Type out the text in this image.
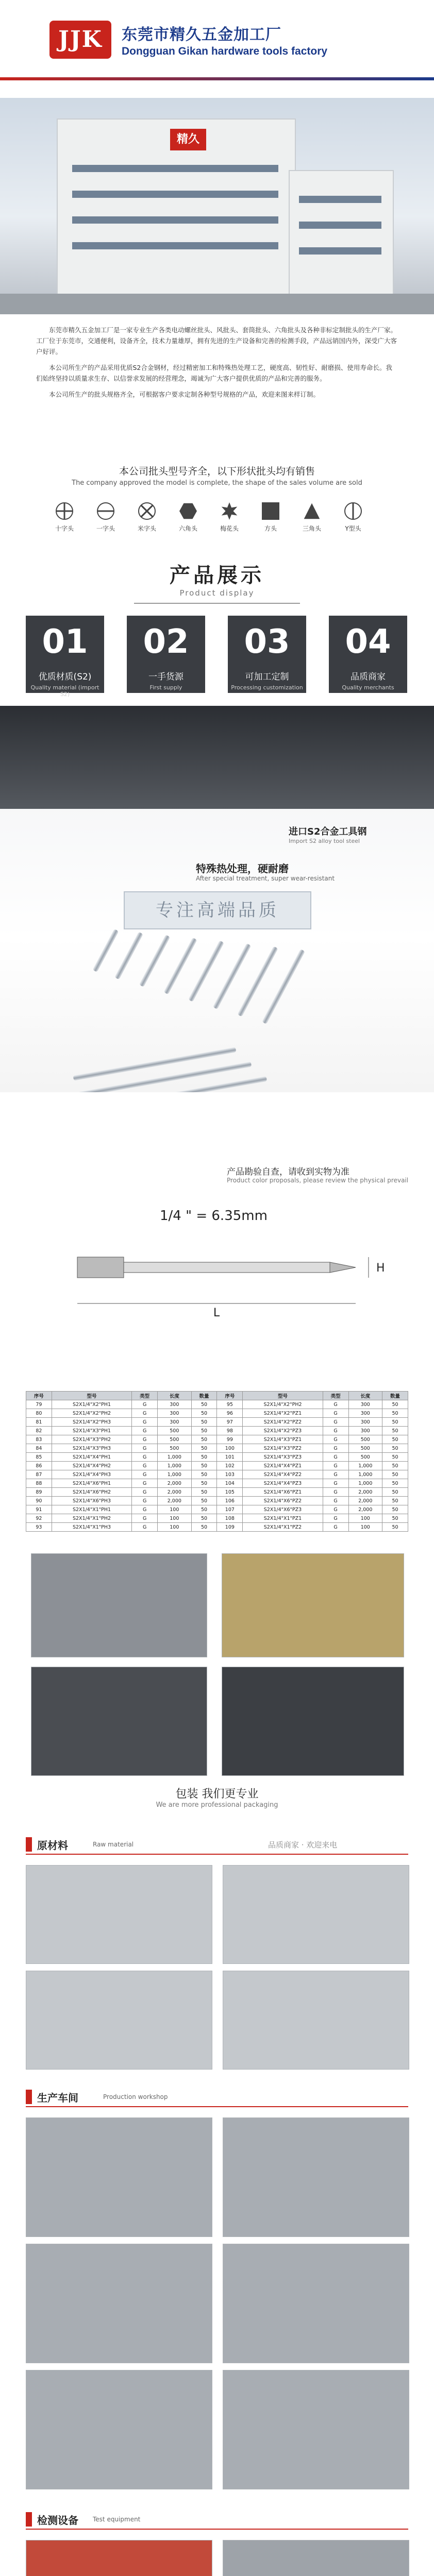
JJK	东莞市精久五金加工厂
Dongguan Gikan hardware tools factory
精久

东莞市精久五金加工厂是一家专业生产各类电动螺丝批头、风批头、套筒批头、六角批头及各种非标定制批头的生产厂家。工厂位于东莞市，交通便利，设备齐全，技术力量雄厚，拥有先进的生产设备和完善的检测手段，产品远销国内外，深受广大客户好评。

本公司所生产的产品采用优质S2合金钢材，经过精密加工和特殊热处理工艺，硬度高、韧性好、耐磨损、使用寿命长。我们始终坚持以质量求生存、以信誉求发展的经营理念，竭诚为广大客户提供优质的产品和完善的服务。

本公司所生产的批头规格齐全，可根据客户要求定制各种型号规格的产品，欢迎来图来样订制。

本公司批头型号齐全，以下形状批头均有销售
The company approved the model is complete, the shape of the sales volume are sold
十字头	一字头	米字头	六角头	梅花头	方头	三角头	Y型头
产品展示
Product display
01
优质材质(S2)
Quality material (import S2)
02
一手货源
First supply
03
可加工定制
Processing customization
04
品质商家
Quality merchants
进口S2合金工具钢
Import S2 alloy tool steel
专注高端品质
特殊热处理，硬耐磨
After special treatment, super wear-resistant
产品勘验自查，请收到实物为准
Product color proposals, please review the physical prevail
1/4 " = 6.35mm
L
H
序号	型号	类型	长度	数量	序号	型号	类型	长度	数量
79	S2X1/4"X2"PH1	G	300	50	95	S2X1/4"X2"PH2	G	300	50
80	S2X1/4"X2"PH2	G	300	50	96	S2X1/4"X2"PZ1	G	300	50
81	S2X1/4"X2"PH3	G	300	50	97	S2X1/4"X2"PZ2	G	300	50
82	S2X1/4"X3"PH1	G	500	50	98	S2X1/4"X2"PZ3	G	300	50
83	S2X1/4"X3"PH2	G	500	50	99	S2X1/4"X3"PZ1	G	500	50
84	S2X1/4"X3"PH3	G	500	50	100	S2X1/4"X3"PZ2	G	500	50
85	S2X1/4"X4"PH1	G	1,000	50	101	S2X1/4"X3"PZ3	G	500	50
86	S2X1/4"X4"PH2	G	1,000	50	102	S2X1/4"X4"PZ1	G	1,000	50
87	S2X1/4"X4"PH3	G	1,000	50	103	S2X1/4"X4"PZ2	G	1,000	50
88	S2X1/4"X6"PH1	G	2,000	50	104	S2X1/4"X4"PZ3	G	1,000	50
89	S2X1/4"X6"PH2	G	2,000	50	105	S2X1/4"X6"PZ1	G	2,000	50
90	S2X1/4"X6"PH3	G	2,000	50	106	S2X1/4"X6"PZ2	G	2,000	50
91	S2X1/4"X1"PH1	G	100	50	107	S2X1/4"X6"PZ3	G	2,000	50
92	S2X1/4"X1"PH2	G	100	50	108	S2X1/4"X1"PZ1	G	100	50
93	S2X1/4"X1"PH3	G	100	50	109	S2X1/4"X1"PZ2	G	100	50
包装 我们更专业
We are more professional packaging
原材料	Raw material	品质商家 · 欢迎来电
生产车间	Production workshop
检测设备 Test equipment
